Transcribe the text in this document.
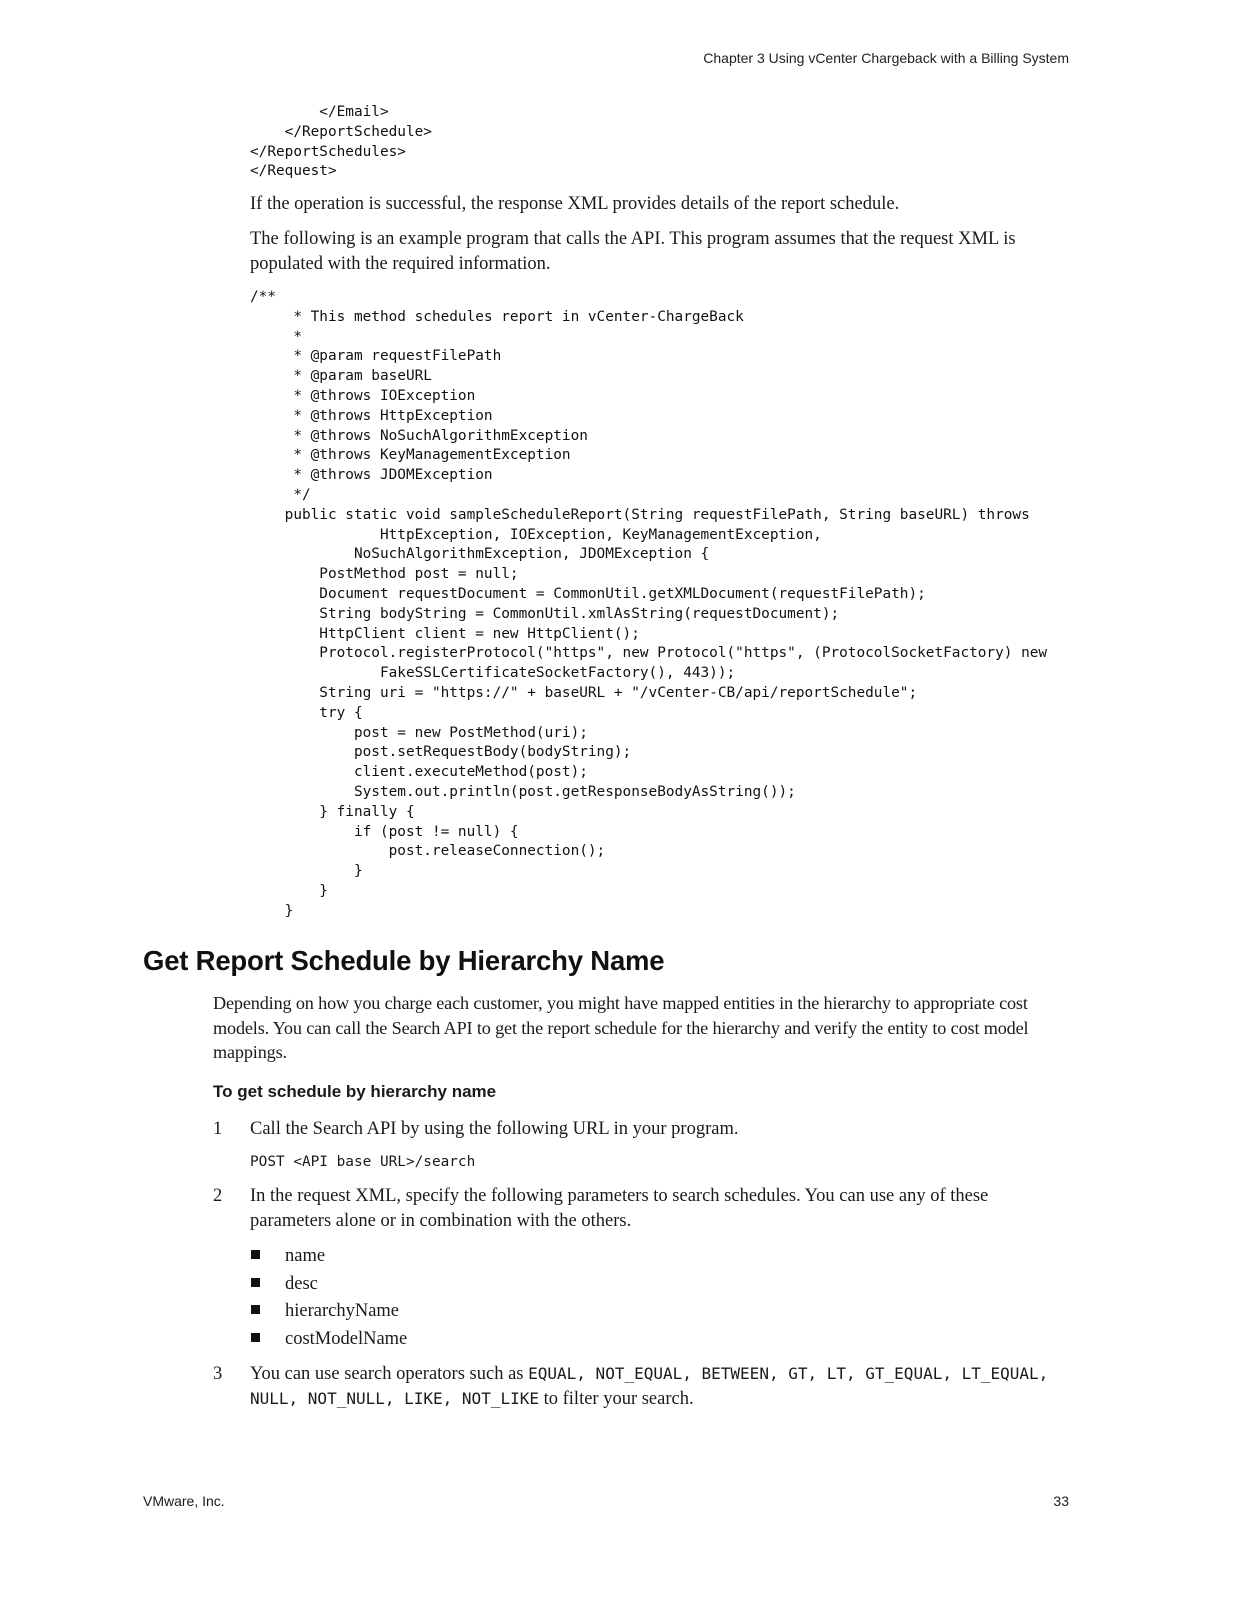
Chapter 3 Using vCenter Chargeback with a Billing System
</Email>
</ReportSchedule>
</ReportSchedules>
</Request>

If the operation is successful, the response XML provides details of the report schedule.

The following is an example program that calls the API. This program assumes that the request XML is populated with the required information.

/**
* This method schedules report in vCenter-ChargeBack
*
* @param requestFilePath
* @param baseURL
* @throws IOException
* @throws HttpException
* @throws NoSuchAlgorithmException
* @throws KeyManagementException
* @throws JDOMException
*/
public static void sampleScheduleReport(String requestFilePath, String baseURL) throws
HttpException, IOException, KeyManagementException,
NoSuchAlgorithmException, JDOMException {
PostMethod post = null;
Document requestDocument = CommonUtil.getXMLDocument(requestFilePath);
String bodyString = CommonUtil.xmlAsString(requestDocument);
HttpClient client = new HttpClient();
Protocol.registerProtocol("https", new Protocol("https", (ProtocolSocketFactory) new
FakeSSLCertificateSocketFactory(), 443));
String uri = "https://" + baseURL + "/vCenter-CB/api/reportSchedule";
try {
post = new PostMethod(uri);
post.setRequestBody(bodyString);
client.executeMethod(post);
System.out.println(post.getResponseBodyAsString());
} finally {
if (post != null) {
post.releaseConnection();
}
}
}
Get Report Schedule by Hierarchy Name

Depending on how you charge each customer, you might have mapped entities in the hierarchy to appropriate cost models. You can call the Search API to get the report schedule for the hierarchy and verify the entity to cost model mappings.

To get schedule by hierarchy name
1 Call the Search API by using the following URL in your program.

POST <API base URL>/search
2 In the request XML, specify the following parameters to search schedules. You can use any of these parameters alone or in combination with the others.

name
desc
hierarchyName
costModelName
3 You can use search operators such as EQUAL, NOT_EQUAL, BETWEEN, GT, LT, GT_EQUAL, LT_EQUAL, NULL, NOT_NULL, LIKE, NOT_LIKE to filter your search.

VMware, Inc.	33
